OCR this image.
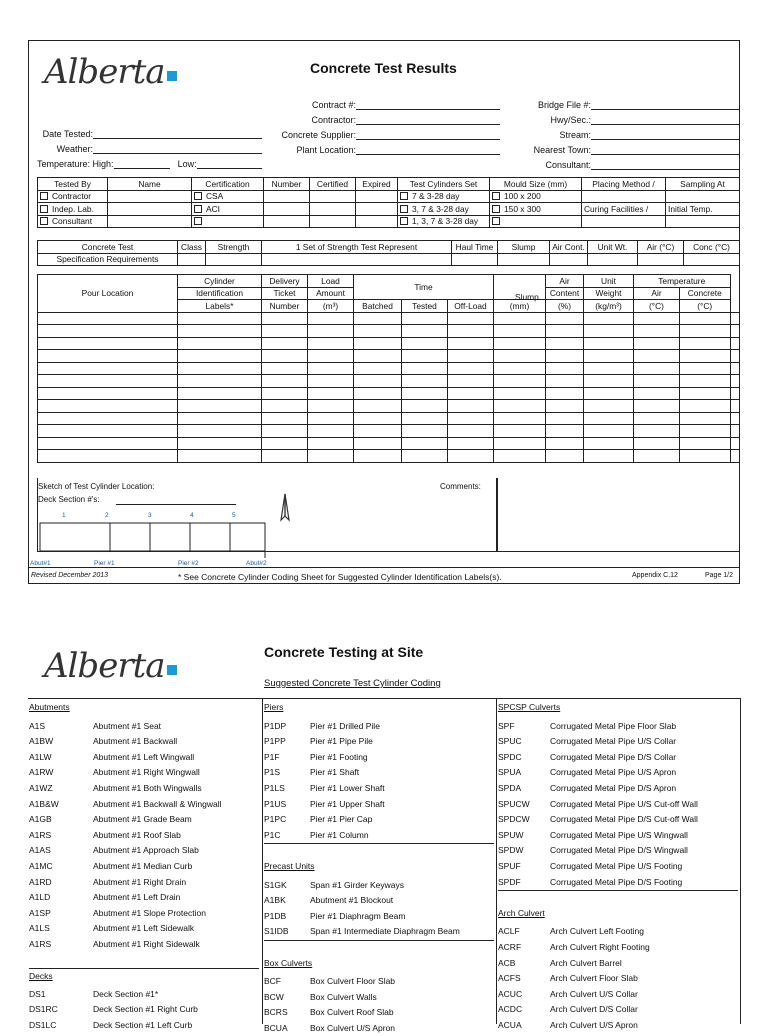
Alberta	Concrete Test Results
Contract #:
Contractor:
Concrete Supplier:
Plant Location:
Bridge File #:
Hwy/Sec.:
Stream:
Nearest Town:
Consultant:
Date Tested:
Weather:
Temperature:
High:	Low:
Tested By	Name	Certification	Number	Certified	Expired	Test Cylinders Set	Mould Size (mm)	Placing Method /	Sampling At
Contractor		CSA				7 & 3-28 day	100 x 200		
Indep. Lab.		ACI				3, 7 & 3-28 day	150 x 300	Curing Facilities /	Initial Temp.
Consultant						1, 3, 7 & 3-28 day			
Concrete Test	Class	Strength	1 Set of Strength Test Represent	Haul Time	Slump	Air Cont.	Unit Wt.	Air (°C)	Conc (°C)
Specification Requirements									
Pour Location	Cylinder	Delivery	Load	Time				Air	Unit	Temperature		
	Identification	Ticket	Amount					Content	Weight	Air	Concrete	
	Labels*	Number	(m³)	Batched	Tested	Off-Load	(mm)	(%)	(kg/m³)	(°C)	(°C)	

Slump
Sketch of Test Cylinder Location:	Comments:
Deck Section #'s:
1	2	3	4	5
Abut#1	Pier #1	Pier #2	Abut#2
Revised December 2013	* See Concrete Cylinder Coding Sheet for Suggested Cylinder Identification Labels(s).	Appendix C.12	Page 1/2
Alberta	Concrete Testing at Site
Suggested Concrete Test Cylinder Coding
Abutments
A1S	Abutment #1 Seat
A1BW	Abutment #1 Backwall
A1LW	Abutment #1 Left Wingwall
A1RW	Abutment #1 Right Wingwall
A1WZ	Abutment #1 Both Wingwalls
A1B&W	Abutment #1 Backwall & Wingwall
A1GB	Abutment #1 Grade Beam
A1RS	Abutment #1 Roof Slab
A1AS	Abutment #1 Approach Slab
A1MC	Abutment #1 Median Curb
A1RD	Abutment #1 Right Drain
A1LD	Abutment #1 Left Drain
A1SP	Abutment #1 Slope Protection
A1LS	Abutment #1 Left Sidewalk
A1RS	Abutment #1 Right Sidewalk
Decks
DS1	Deck Section #1*
DS1RC	Deck Section #1 Right Curb
DS1LC	Deck Section #1 Left Curb
Piers
P1DP	Pier #1 Drilled Pile
P1PP	Pier #1 Pipe Pile
P1F	Pier #1 Footing
P1S	Pier #1 Shaft
P1LS	Pier #1 Lower Shaft
P1US	Pier #1 Upper Shaft
P1PC	Pier #1 Pier Cap
P1C	Pier #1 Column
Precast Units
S1GK	Span #1 Girder Keyways
A1BK	Abutment #1 Blockout
P1DB	Pier #1 Diaphragm Beam
S1IDB	Span #1 Intermediate Diaphragm Beam
Box Culverts
BCF	Box Culvert Floor Slab
BCW	Box Culvert Walls
BCRS	Box Culvert Roof Slab
BCUA	Box Culvert U/S Apron
SPCSP Culverts
SPF	Corrugated Metal Pipe Floor Slab
SPUC	Corrugated Metal Pipe U/S Collar
SPDC	Corrugated Metal Pipe D/S Collar
SPUA	Corrugated Metal Pipe U/S Apron
SPDA	Corrugated Metal Pipe D/S Apron
SPUCW	Corrugated Metal Pipe U/S Cut-off Wall
SPDCW	Corrugated Metal Pipe D/S Cut-off Wall
SPUW	Corrugated Metal Pipe U/S Wingwall
SPDW	Corrugated Metal Pipe D/S Wingwall
SPUF	Corrugated Metal Pipe U/S Footing
SPDF	Corrugated Metal Pipe D/S Footing
Arch Culvert
ACLF	Arch Culvert Left Footing
ACRF	Arch Culvert Right Footing
ACB	Arch Culvert Barrel
ACFS	Arch Culvert Floor Slab
ACUC	Arch Culvert U/S Collar
ACDC	Arch Culvert D/S Collar
ACUA	Arch Culvert U/S Apron
